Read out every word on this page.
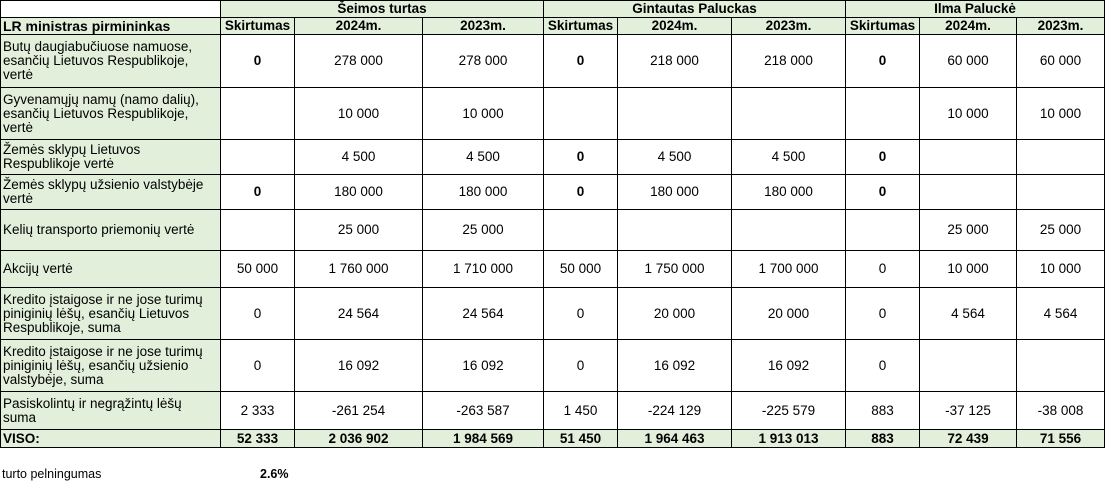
	Šeimos turtas			Gintautas Paluckas			Ilma Paluckė		
LR ministras pirmininkas	Skirtumas	2024m.	2023m.	Skirtumas	2024m.	2023m.	Skirtumas	2024m.	2023m.
Butų daugiabučiuose namuose, esančių Lietuvos Respublikoje, vertė	0	278 000	278 000	0	218 000	218 000	0	60 000	60 000
Gyvenamųjų namų (namo dalių), esančių Lietuvos Respublikoje, vertė		10 000	10 000					10 000	10 000
Žemės sklypų Lietuvos Respublikoje vertė		4 500	4 500	0	4 500	4 500	0		
Žemės sklypų užsienio valstybėje vertė	0	180 000	180 000	0	180 000	180 000	0		
Kelių transporto priemonių vertė		25 000	25 000					25 000	25 000
Akcijų vertė	50 000	1 760 000	1 710 000	50 000	1 750 000	1 700 000	0	10 000	10 000
Kredito įstaigose ir ne jose turimų piniginių lėšų, esančių Lietuvos Respublikoje, suma	0	24 564	24 564	0	20 000	20 000	0	4 564	4 564
Kredito įstaigose ir ne jose turimų piniginių lėšų, esančių užsienio valstybėje, suma	0	16 092	16 092	0	16 092	16 092	0		
Pasiskolintų ir negrąžintų lėšų suma	2 333	-261 254	-263 587	1 450	-224 129	-225 579	883	-37 125	-38 008
VISO:	52 333	2 036 902	1 984 569	51 450	1 964 463	1 913 013	883	72 439	71 556
turto pelningumas	2.6%
